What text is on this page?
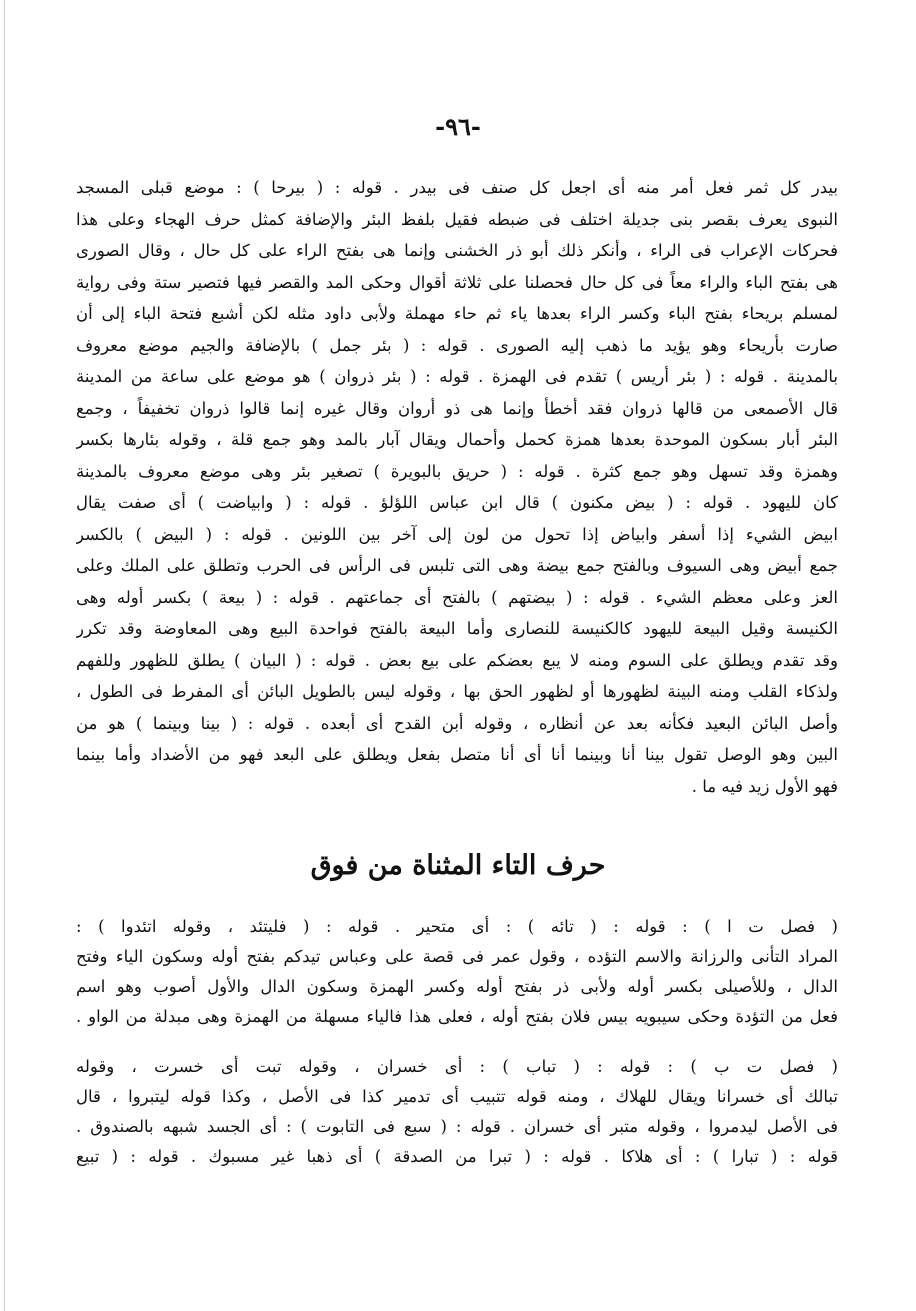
-٩٦-
بيدر كل ثمر فعل أمر منه أى اجعل كل صنف فى بيدر . قوله : ( بيرحا ) : موضع قبلى المسجد
النبوى يعرف بقصر بنى جديلة اختلف فى ضبطه فقيل بلفظ البئر والإضافة كمثل حرف الهجاء وعلى هذا
فحركات الإعراب فى الراء ، وأنكر ذلك أبو ذر الخشنى وإنما هى بفتح الراء على كل حال ، وقال الصورى
هى بفتح الباء والراء معاً فى كل حال فحصلنا على ثلاثة أقوال وحكى المد والقصر فيها فتصير ستة وفى رواية
لمسلم بريحاء بفتح الباء وكسر الراء بعدها ياء ثم حاء مهملة ولأبى داود مثله لكن أشبع فتحة الباء إلى أن
صارت بأريحاء وهو يؤيد ما ذهب إليه الصورى . قوله : ( بئر جمل ) بالإضافة والجيم موضع معروف
بالمدينة . قوله : ( بئر أريس ) تقدم فى الهمزة . قوله : ( بئر ذروان ) هو موضع على ساعة من المدينة
قال الأصمعى من قالها ذروان فقد أخطأ وإنما هى ذو أروان وقال غيره إنما قالوا ذروان تخفيفاً ، وجمع
البئر أبار بسكون الموحدة بعدها همزة كحمل وأحمال ويقال آبار بالمد وهو جمع قلة ، وقوله بئارها بكسر
وهمزة وقد تسهل وهو جمع كثرة . قوله : ( حريق بالبويرة ) تصغير بئر وهى موضع معروف بالمدينة
كان لليهود . قوله : ( بيض مكنون ) قال ابن عباس اللؤلؤ . قوله : ( وابياضت ) أى صفت يقال
ابيض الشيء إذا أسفر وابياض إذا تحول من لون إلى آخر بين اللونين . قوله : ( البيض ) بالكسر
جمع أبيض وهى السيوف وبالفتح جمع بيضة وهى التى تلبس فى الرأس فى الحرب وتطلق على الملك وعلى
العز وعلى معظم الشيء . قوله : ( بيضتهم ) بالفتح أى جماعتهم . قوله : ( بيعة ) بكسر أوله وهى
الكنيسة وقيل البيعة لليهود كالكنيسة للنصارى وأما البيعة بالفتح فواحدة البيع وهى المعاوضة وقد تكرر
وقد تقدم ويطلق على السوم ومنه لا يبع بعضكم على بيع بعض . قوله : ( البيان ) يطلق للظهور وللفهم
ولذكاء القلب ومنه البينة لظهورها أو لظهور الحق بها ، وقوله ليس بالطويل البائن أى المفرط فى الطول ،
وأصل البائن البعيد فكأنه بعد عن أنظاره ، وقوله أبن القدح أى أبعده . قوله : ( بينا وبينما ) هو من
البين وهو الوصل تقول بينا أنا وبينما أنا أى أنا متصل بفعل ويطلق على البعد فهو من الأضداد وأما بينما
فهو الأول زيد فيه ما .
حرف التاء المثناة من فوق
( فصل ت ا ) : قوله : ( تائه ) : أى متحير . قوله : ( فليتئد ، وقوله اتئدوا ) :
المراد التأنى والرزانة والاسم التؤده ، وقول عمر فى قصة على وعباس تيدكم بفتح أوله وسكون الياء وفتح
الدال ، وللأصيلى بكسر أوله ولأبى ذر بفتح أوله وكسر الهمزة وسكون الدال والأول أصوب وهو اسم
فعل من التؤدة وحكى سيبويه بيس فلان بفتح أوله ، فعلى هذا فالياء مسهلة من الهمزة وهى مبدلة من الواو .
( فصل ت ب ) : قوله : ( تباب ) : أى خسران ، وقوله تبت أى خسرت ، وقوله
تبالك أى خسرانا ويقال للهلاك ، ومنه قوله تتبيب أى تدمير كذا فى الأصل ، وكذا قوله ليتبروا ، قال
فى الأصل ليدمروا ، وقوله متبر أى خسران . قوله : ( سبع فى التابوت ) : أى الجسد شبهه بالصندوق .
قوله : ( تبارا ) : أى هلاكا . قوله : ( تبرا من الصدقة ) أى ذهبا غير مسبوك . قوله : ( تبيع
